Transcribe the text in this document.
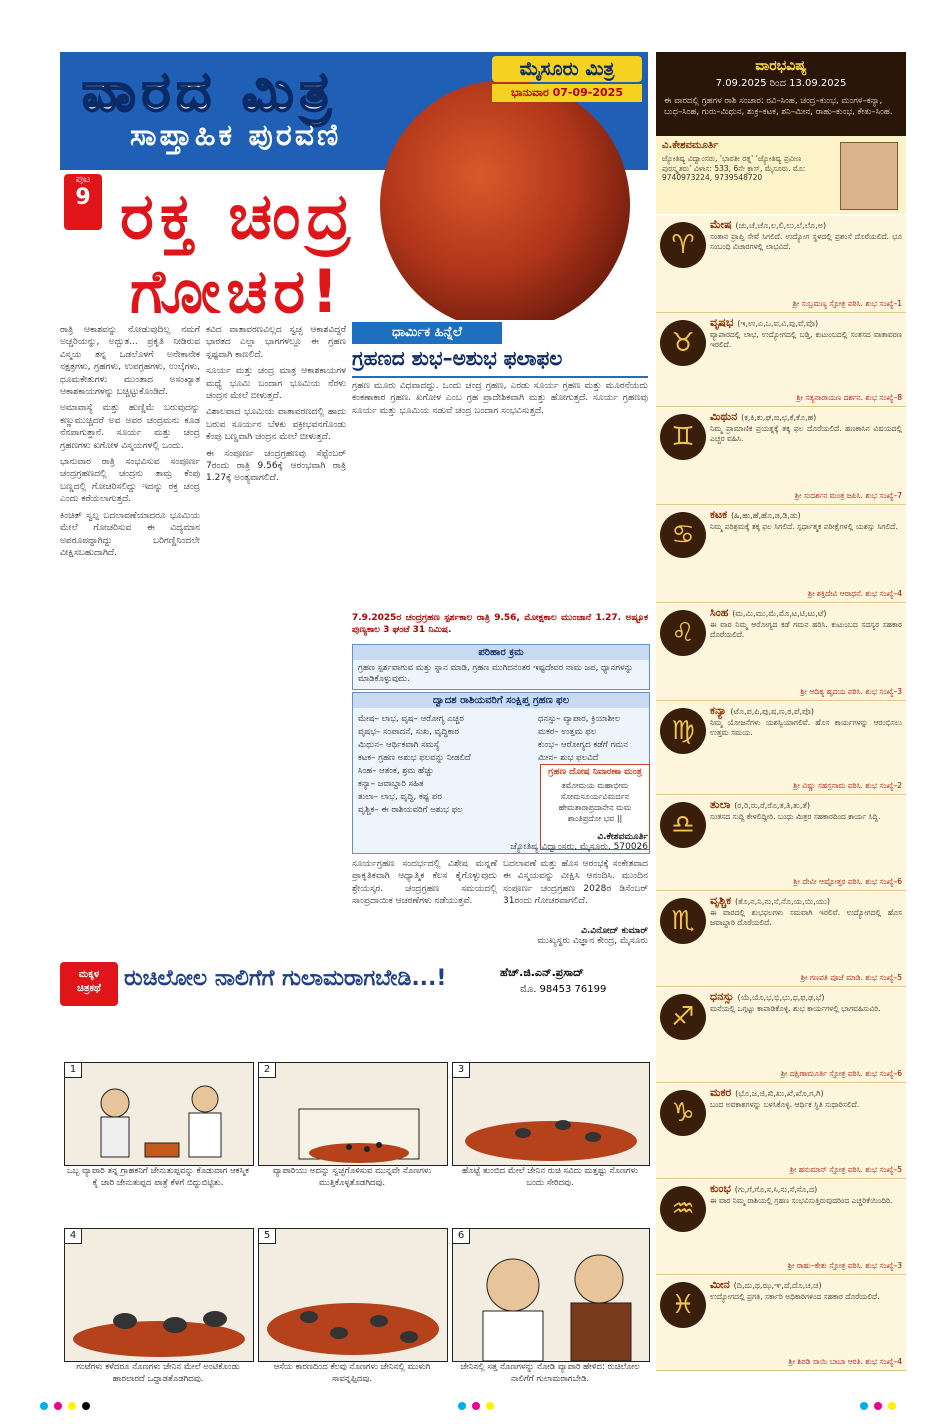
ವಾರದ ಮಿತ್ರ
ಸಾಪ್ತಾಹಿಕ ಪುರವಣಿ
ಮೈಸೂರು ಮಿತ್ರ
ಭಾನುವಾರ 07-09-2025
ಪುಟ
9 ರಕ್ತ ಚಂದ್ರ
ಗೋಚರ!

ರಾತ್ರಿ ಆಕಾಶವನ್ನು ನೋಡುವುದಿಲ್ಲ ನಮಗೆ ಅಚ್ಚರಿಯನ್ನು, ಅದ್ಭುತ... ಪ್ರಕೃತಿ ನೀಡಿರುವ ವಿಸ್ಮಯ ತನ್ನ ಒಡಲೊಳಗೆ ಅನೇಕಾನೇಕ ನಕ್ಷತ್ರಗಳು, ಗ್ರಹಗಳು, ಉಪಗ್ರಹಗಳು, ಉಲ್ಕೆಗಳು, ಧೂಮಕೇತುಗಳು ಮುಂತಾದ ಅಸಂಖ್ಯಾತ ಆಕಾಶಕಾಯಗಳನ್ನು ಬಚ್ಚಿಟ್ಟುಕೊಂಡಿದೆ.

ಅಮಾವಾಸ್ಯೆ ಮತ್ತು ಹುಣ್ಣಿಮೆ ಬರುವುದನ್ನು ಕಣ್ಣುಮುಚ್ಚಿದರೆ ಅವ ಅವರ ಚಂದ್ರಮನು ಕೂಡ ನೆನಪಾಗುತ್ತಾನೆ. ಸೂರ್ಯ ಮತ್ತು ಚಂದ್ರ ಗ್ರಹಣಗಳು ಖಗೋಳ ವಿಸ್ಮಯಗಳಲ್ಲಿ ಒಂದು.

ಭಾನುವಾರ ರಾತ್ರಿ ಸಂಭವಿಸುವ ಸಂಪೂರ್ಣ ಚಂದ್ರಗ್ರಹಣದಲ್ಲಿ ಚಂದ್ರನು ತಾಮ್ರ ಕೆಂಪು ಬಣ್ಣದಲ್ಲಿ ಗೋಚರಿಸಲಿದ್ದು ಇದನ್ನು ರಕ್ತ ಚಂದ್ರ ಎಂದು ಕರೆಯಲಾಗುತ್ತದೆ.

ಕಿಂಚಿತ್ ಸ್ವಲ್ಪ ಬದಲಾವಣೆಯಾದರೂ ಭೂಮಿಯ ಮೇಲೆ ಗೋಚರಿಸುವ ಈ ವಿದ್ಯಮಾನ ಅಪರೂಪದ್ದಾಗಿದ್ದು ಬರಿಗಣ್ಣಿನಿಂದಲೇ ವೀಕ್ಷಿಸಬಹುದಾಗಿದೆ.

ಕವಿದ ವಾತಾವರಣವಿಲ್ಲದ ಸ್ವಚ್ಛ ಆಕಾಶವಿದ್ದರೆ ಭಾರತದ ಎಲ್ಲಾ ಭಾಗಗಳಲ್ಲೂ ಈ ಗ್ರಹಣ ಸ್ಪಷ್ಟವಾಗಿ ಕಾಣಲಿದೆ.

ಸೂರ್ಯ ಮತ್ತು ಚಂದ್ರ ಮಾತ್ರ ಆಕಾಶಕಾಯಗಳ ಮಧ್ಯೆ ಭೂಮಿ ಬಂದಾಗ ಭೂಮಿಯ ನೆರಳು ಚಂದ್ರನ ಮೇಲೆ ಬೀಳುತ್ತದೆ.

ವಿಶಾಲವಾದ ಭೂಮಿಯ ವಾತಾವರಣದಲ್ಲಿ ಹಾದು ಬರುವ ಸೂರ್ಯನ ಬೆಳಕು ವಕ್ರೀಭವನಗೊಂಡು ಕೆಂಪು ಬಣ್ಣವಾಗಿ ಚಂದ್ರನ ಮೇಲೆ ಬೀಳುತ್ತದೆ.

ಈ ಸಂಪೂರ್ಣ ಚಂದ್ರಗ್ರಹಣವು ಸೆಪ್ಟೆಂಬರ್ 7ರಂದು ರಾತ್ರಿ 9.56ಕ್ಕೆ ಆರಂಭವಾಗಿ ರಾತ್ರಿ 1.27ಕ್ಕೆ ಅಂತ್ಯವಾಗಲಿದೆ.

ಧಾರ್ಮಿಕ ಹಿನ್ನೆಲೆ
ಗ್ರಹಣದ ಶುಭ–ಅಶುಭ ಫಲಾಫಲ

ಗ್ರಹಣ ಮೂರು ವಿಧವಾದದ್ದು. ಒಂದು ಚಂದ್ರ ಗ್ರಹಣ, ಎರಡು ಸೂರ್ಯ ಗ್ರಹಣ ಮತ್ತು ಮೂರನೆಯದು ಕಂಕಣಾಕಾರ ಗ್ರಹಣ. ಖಗೋಳ ಎಂಬ ಗ್ರಹ ಪ್ರಾದೇಶಿಕವಾಗಿ ಮತ್ತು ಹೋಗುತ್ತದೆ. ಸೂರ್ಯ ಗ್ರಹಣವು ಸೂರ್ಯ ಮತ್ತು ಭೂಮಿಯ ನಡುವೆ ಚಂದ್ರ ಬಂದಾಗ ಸಂಭವಿಸುತ್ತದೆ.

7.9.2025ರ ಚಂದ್ರಗ್ರಹಣ ಸ್ಪರ್ಶಕಾಲ ರಾತ್ರಿ 9.56, ಮೋಕ್ಷಕಾಲ ಮುಂಜಾನೆ 1.27. ಅಷ್ಟೂಕ ಪುಣ್ಯಕಾಲ 3 ಘಂಟೆ 31 ನಿಮಿಷ.
ಪರಿಹಾರ ಕ್ರಮ
ಗ್ರಹಣ ಸ್ಪರ್ಶವಾಗುವ ಮತ್ತು ಸ್ನಾನ ಮಾಡಿ, ಗ್ರಹಣ ಮುಗಿದನಂತರ ಇಷ್ಟದೇವರ ನಾಮ ಜಪ, ಧ್ಯಾನಗಳನ್ನು ಮಾಡಿಕೊಳ್ಳುವುದು.
ದ್ವಾದಶ ರಾಶಿಯವರಿಗೆ ಸಂಕ್ಷಿಪ್ತ ಗ್ರಹಣ ಫಲ
ಮೇಷ– ಲಾಭ, ವೃಷ– ಆರೋಗ್ಯ ಎಚ್ಚರ
ವೃಷಭ– ಸಂಪಾದನೆ, ಸುಖ, ವೃದ್ಧಿಕಾರ
ಮಿಥುನ– ಆರ್ಥಿಕವಾಗಿ ಸಮಸ್ಯೆ
ಕಟಕ– ಗ್ರಹಣ ಅಶುಭ ಫಲವನ್ನು ನೀಡಲಿದೆ
ಸಿಂಹ– ಆತಂಕ, ಶ್ರಮ ಹೆಚ್ಚು
ಕನ್ಯಾ– ಜವಾಬ್ದಾರಿ ಸಹಿತ
ತುಲಾ– ಲಾಭ, ವೃದ್ಧಿ, ಕಷ್ಟ ಪರ
ವೃಶ್ಚಿಕ– ಈ ರಾಶಿಯವರಿಗೆ ಅಶುಭ ಫಲ
ಧನಸ್ಸು– ವ್ಯಾಪಾರ, ಕ್ರಿಯಾಶೀಲ
ಮಕರ– ಉತ್ತಮ ಫಲ
ಕುಂಭ– ಆರೋಗ್ಯದ ಕಡೆಗೆ ಗಮನ
ಮೀನ– ಶುಭ ಫಲವಿದೆ
ಗ್ರಹಣ ದೋಷ ನಿವಾರಣಾ ಮಂತ್ರ
ತಮೋಮಯ ಮಹಾಭೀಮ ಸೋಮಸೂರ್ಯವಿಮರ್ದನ ಹೇಮತಾರಾಪ್ರದಾನೇನ ಮಮ ಶಾಂತಿಪ್ರದೋ ಭವ ||
ವಿ.ಕೇಶವಮೂರ್ತಿ
ಜ್ಯೋತಿಷ್ಯ ವಿದ್ವಾಂಸರು, ಮೈಸೂರು. 570026
ಸೂರ್ಯಗ್ರಹಣ ಸಂದರ್ಭದಲ್ಲಿ ವಿಶೇಷ ಮನ್ನಣೆ ಪ್ರಾಕೃತಿಕವಾಗಿ ಆಧ್ಯಾತ್ಮಿಕ ಕೆಲಸ ಕೈಗೊಳ್ಳುವುದು ಶ್ರೇಯಸ್ಕರ. ಚಂದ್ರಗ್ರಹಣ ಸಮಯದಲ್ಲಿ ಸಾಂಪ್ರದಾಯಿಕ ಆಚರಣೆಗಳು ನಡೆಯುತ್ತವೆ.
ಬದಲಾವಣೆ ಮತ್ತು ಹೊಸ ಆರಂಭಕ್ಕೆ ಸಂಕೇತವಾದ ಈ ವಿಸ್ಮಯವನ್ನು ವೀಕ್ಷಿಸಿ ಆನಂದಿಸಿ. ಮುಂದಿನ ಸಂಪೂರ್ಣ ಚಂದ್ರಗ್ರಹಣ 2028ರ ಡಿಸೆಂಬರ್ 31ರಂದು ಗೋಚರವಾಗಲಿದೆ.
ವಿ.ವಿನೋದ್ ಕುಮಾರ್
ಮುಖ್ಯಸ್ಥರು ವಿಜ್ಞಾನ ಕೇಂದ್ರ, ಮೈಸೂರು
ವಾರಭವಿಷ್ಯ
7.09.2025 ರಿಂದ 13.09.2025
ಈ ವಾರದಲ್ಲಿ ಗ್ರಹಗಳ ರಾಶಿ ಸಂಚಾರ: ರವಿ–ಸಿಂಹ, ಚಂದ್ರ–ಕುಂಭ, ಮಂಗಳ–ಕನ್ಯಾ, ಬುಧ–ಸಿಂಹ, ಗುರು–ಮಿಥುನ, ಶುಕ್ರ–ಕಟಕ, ಶನಿ–ಮೀನ, ರಾಹು–ಕುಂಭ, ಕೇತು–ಸಿಂಹ.
ವಿ.ಕೇಶವಮೂರ್ತಿ
ಜ್ಯೋತಿಷ್ಯ ವಿದ್ವಾಂಸರು, 'ಭಾರತೀ ರತ್ನ' ‘ಜ್ಯೋತಿಷ್ಯ ಪ್ರವೀಣ ಪುರಸ್ಕೃತರು’ ವಿಳಾಸ: 533, 6ನೇ ಕ್ರಾಸ್, ಮೈಸೂರು. ಮೊ: 9740973224, 9739548720
♈
ಮೇಷ (ಚು,ಚೆ,ಚೊ,ಲ,ಲಿ,ಲು,ಲೆ,ಲೊ,ಅ)
ಸಂತಾನ ಪ್ರಾಪ್ತಿ ಸೇವೆ ಸಿಗಲಿದೆ. ಉದ್ಯೋಗ ಸ್ಥಳದಲ್ಲಿ ಪ್ರಶಂಸೆ ದೊರೆಯಲಿದೆ. ಭೂ ಸಂಬಂಧಿ ವಿಚಾರಗಳಲ್ಲಿ ಲಾಭವಿದೆ.
ಶ್ರೀ ಸುಬ್ರಮಣ್ಯ ಸ್ತೋತ್ರ ಪಠಿಸಿ. ಶುಭ ಸಂಖ್ಯೆ–1
♉
ವೃಷಭ (ಇ,ಉ,ಎ,ಒ,ವ,ವಿ,ವು,ವೆ,ವೊ)
ವ್ಯಾಪಾರದಲ್ಲಿ ಲಾಭ, ಉದ್ಯೋಗದಲ್ಲಿ ಬಡ್ತಿ, ಕುಟುಂಬದಲ್ಲಿ ಸಂತಸದ ವಾತಾವರಣ ಇರಲಿದೆ.
ಶ್ರೀ ಸತ್ಯನಾರಾಯಣ ದರ್ಶನ. ಶುಭ ಸಂಖ್ಯೆ–8
♊
ಮಿಥುನ (ಕ,ಕಿ,ಕು,ಘ,ಙ,ಛ,ಕೆ,ಕೊ,ಹ)
ನಿಮ್ಮ ಪ್ರಾಮಾಣಿಕ ಪ್ರಯತ್ನಕ್ಕೆ ತಕ್ಕ ಫಲ ದೊರೆಯಲಿದೆ. ಹಣಕಾಸಿನ ವಿಷಯದಲ್ಲಿ ಎಚ್ಚರ ವಹಿಸಿ.
ಶ್ರೀ ಸುದರ್ಶನ ಮಂತ್ರ ಜಪಿಸಿ. ಶುಭ ಸಂಖ್ಯೆ–7
♋
ಕಟಕ (ಹಿ,ಹು,ಹೆ,ಹೊ,ಡ,ಡಿ,ಡು)
ನಿಮ್ಮ ಪರಿಶ್ರಮಕ್ಕೆ ತಕ್ಕ ಫಲ ಸಿಗಲಿದೆ. ಸ್ಪರ್ಧಾತ್ಮಕ ಪರೀಕ್ಷೆಗಳಲ್ಲಿ ಯಶಸ್ಸು ಸಿಗಲಿದೆ.
ಶ್ರೀ ಶಕ್ತಿದೇವಿ ಆರಾಧನೆ. ಶುಭ ಸಂಖ್ಯೆ–4
♌
ಸಿಂಹ (ಮ,ಮಿ,ಮು,ಮೆ,ಮೊ,ಟ,ಟಿ,ಟು,ಟೆ)
ಈ ವಾರ ನಿಮ್ಮ ಆರೋಗ್ಯದ ಕಡೆ ಗಮನ ಹರಿಸಿ. ಕುಟುಂಬದ ಸದಸ್ಯರ ಸಹಕಾರ ದೊರೆಯಲಿದೆ.
ಶ್ರೀ ಆದಿತ್ಯ ಹೃದಯ ಪಠಿಸಿ. ಶುಭ ಸಂಖ್ಯೆ–3
♍
ಕನ್ಯಾ (ಟೊ,ಪ,ಪಿ,ಪು,ಷ,ಣ,ಠ,ಪೆ,ಪೊ)
ನಿಮ್ಮ ಯೋಜನೆಗಳು ಯಶಸ್ವಿಯಾಗಲಿವೆ. ಹೊಸ ಕಾರ್ಯಗಳನ್ನು ಆರಂಭಿಸಲು ಉತ್ತಮ ಸಮಯ.
ಶ್ರೀ ವಿಷ್ಣು ಸಹಸ್ರನಾಮ ಪಠಿಸಿ. ಶುಭ ಸಂಖ್ಯೆ–2
♎
ತುಲಾ (ರ,ರಿ,ರು,ರೆ,ರೊ,ತ,ತಿ,ತು,ತೆ)
ಸಂತಸದ ಸುದ್ದಿ ಕೇಳಲಿದ್ದೀರಿ. ಬಂಧು ಮಿತ್ರರ ಸಹಕಾರದಿಂದ ಕಾರ್ಯ ಸಿದ್ಧಿ.
ಶ್ರೀ ದೇವೀ ಆಷ್ಟೋತ್ತರ ಪಠಿಸಿ. ಶುಭ ಸಂಖ್ಯೆ–6
♏
ವೃಶ್ಚಿಕ (ತೊ,ನ,ನಿ,ನು,ನೆ,ನೊ,ಯ,ಯಿ,ಯು)
ಈ ವಾರದಲ್ಲಿ ಶುಭಫಲಗಳು ಸಮವಾಗಿ ಇರಲಿವೆ. ಉದ್ಯೋಗದಲ್ಲಿ ಹೊಸ ಜವಾಬ್ದಾರಿ ದೊರೆಯಲಿದೆ.
ಶ್ರೀ ಗಣಪತಿ ಪೂಜೆ ಮಾಡಿ. ಶುಭ ಸಂಖ್ಯೆ–5
♐
ಧನಸ್ಸು (ಯೆ,ಯೊ,ಭ,ಭಿ,ಭು,ಧ,ಫ,ಢ,ಭೆ)
ಮನೆಯಲ್ಲಿ ಒಗ್ಗಟ್ಟು ಕಾಪಾಡಿಕೊಳ್ಳಿ. ಶುಭ ಕಾರ್ಯಗಳಲ್ಲಿ ಭಾಗವಹಿಸುವಿರಿ.
ಶ್ರೀ ದಕ್ಷಿಣಾಮೂರ್ತಿ ಸ್ತೋತ್ರ ಪಠಿಸಿ. ಶುಭ ಸಂಖ್ಯೆ–6
♑
ಮಕರ (ಭೊ,ಜ,ಜಿ,ಖಿ,ಖು,ಖೆ,ಖೊ,ಗ,ಗಿ)
ಬಂದ ಅವಕಾಶಗಳನ್ನು ಬಳಸಿಕೊಳ್ಳಿ. ಆರ್ಥಿಕ ಸ್ಥಿತಿ ಸುಧಾರಿಸಲಿದೆ.
ಶ್ರೀ ಹನುಮಾನ್ ಸ್ತೋತ್ರ ಪಠಿಸಿ. ಶುಭ ಸಂಖ್ಯೆ–5
♒
ಕುಂಭ (ಗು,ಗೆ,ಗೊ,ಸ,ಸಿ,ಸು,ಸೆ,ಸೊ,ದ)
ಈ ವಾರ ನಿಮ್ಮ ರಾಶಿಯಲ್ಲಿ ಗ್ರಹಣ ಸಂಭವಿಸುತ್ತಿರುವುದರಿಂದ ಎಚ್ಚರಿಕೆಯಿಂದಿರಿ.
ಶ್ರೀ ರಾಹು–ಕೇತು ಸ್ತೋತ್ರ ಪಠಿಸಿ. ಶುಭ ಸಂಖ್ಯೆ–3
♓
ಮೀನ (ದಿ,ದು,ಥ,ಝ,ಞ,ದೆ,ದೊ,ಚ,ಚಿ)
ಉದ್ಯೋಗದಲ್ಲಿ ಪ್ರಗತಿ, ಸರ್ಕಾರಿ ಅಧಿಕಾರಿಗಳಿಂದ ಸಹಕಾರ ದೊರೆಯಲಿದೆ.
ಶ್ರೀ ಶಿರಡಿ ಸಾಯಿ ಬಾಬಾ ಆರತಿ. ಶುಭ ಸಂಖ್ಯೆ–4
ಮಕ್ಕಳ
ಚಿತ್ರಕಥೆ	ರುಚಿಲೋಲ ನಾಲಿಗೆಗೆ ಗುಲಾಮರಾಗಬೇಡಿ...!	ಹೆಚ್.ಜಿ.ಎನ್.ಪ್ರಸಾದ್
ಮೊ. 98453 76199
1	2	3
ಒಬ್ಬ ವ್ಯಾಪಾರಿ ತನ್ನ ಗ್ರಾಹಕನಿಗೆ ಜೇನುತುಪ್ಪವನ್ನು ಕೊಡುವಾಗ ಆಕಸ್ಮಿಕ ಕೈ ಜಾರಿ ಜೇನುತುಪ್ಪದ ಪಾತ್ರೆ ಕೆಳಗೆ ಬಿದ್ದುಬಿಟ್ಟಿತು.
ವ್ಯಾಪಾರಿಯು ಅದನ್ನು ಸ್ವಚ್ಛಗೊಳಿಸುವ ಮುನ್ನವೇ ನೊಣಗಳು ಮುತ್ತಿಕೊಳ್ಳತೊಡಗಿದವು.
ಹೊಟ್ಟೆ ತುಂಬಿದ ಮೇಲೆ ಜೇನಿನ ರುಚಿ ಸವಿದು ಮತ್ತಷ್ಟು ನೊಣಗಳು ಬಂದು ಸೇರಿದವು.
4	5	6
ಗಂಟೆಗಳು ಕಳೆದರೂ ನೊಣಗಳು ಜೇನಿನ ಮೇಲೆ ಅಂಟಿಕೊಂಡು ಹಾರಲಾರದೆ ಒದ್ದಾಡತೊಡಗಿದವು.
ಆಸೆಯ ಕಾರಣದಿಂದ ಕೆಲವು ನೊಣಗಳು ಜೇನಿನಲ್ಲಿ ಮುಳುಗಿ ಸಾವನ್ನಪ್ಪಿದವು.
ಜೇನಿನಲ್ಲಿ ಸತ್ತ ನೊಣಗಳನ್ನು ನೋಡಿ ವ್ಯಾಪಾರಿ ಹೇಳಿದ: ರುಚಿಲೋಲ ನಾಲಿಗೆಗೆ ಗುಲಾಮರಾಗಬೇಡಿ.
